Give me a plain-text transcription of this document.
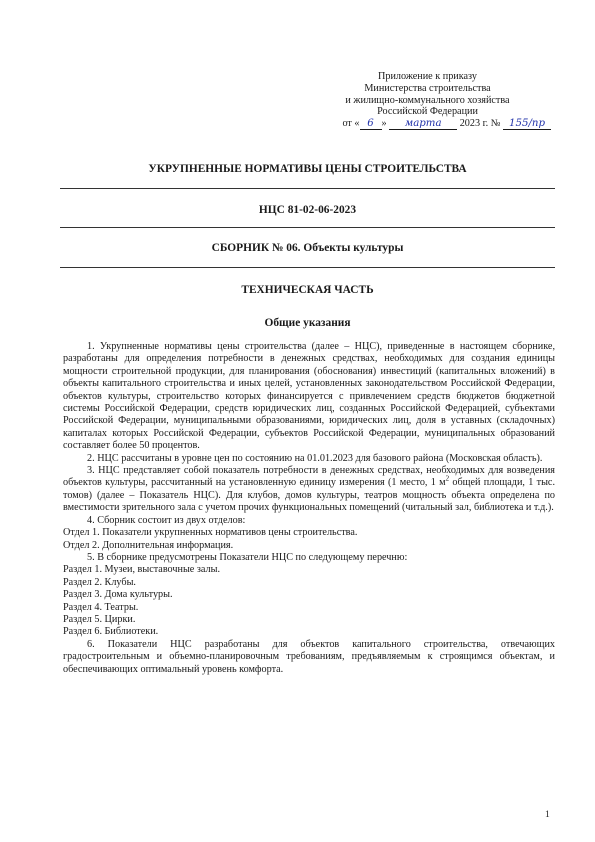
Приложение к приказу
Министерства строительства
и жилищно-коммунального хозяйства
Российской Федерации
от « 6 » марта 2023 г. № 155/пр
УКРУПНЕННЫЕ НОРМАТИВЫ ЦЕНЫ СТРОИТЕЛЬСТВА
НЦС 81-02-06-2023
СБОРНИК № 06. Объекты культуры
ТЕХНИЧЕСКАЯ ЧАСТЬ
Общие указания

1. Укрупненные нормативы цены строительства (далее – НЦС), приведенные в настоящем сборнике, разработаны для определения потребности в денежных средствах, необходимых для создания единицы мощности строительной продукции, для планирования (обоснования) инвестиций (капитальных вложений) в объекты капитального строительства и иных целей, установленных законодательством Российской Федерации, объектов культуры, строительство которых финансируется с привлечением средств бюджетов бюджетной системы Российской Федерации, средств юридических лиц, созданных Российской Федерацией, субъектами Российской Федерации, муниципальными образованиями, юридических лиц, доля в уставных (складочных) капиталах которых Российской Федерации, субъектов Российской Федерации, муниципальных образований составляет более 50 процентов.

2. НЦС рассчитаны в уровне цен по состоянию на 01.01.2023 для базового района (Московская область).

3. НЦС представляет собой показатель потребности в денежных средствах, необходимых для возведения объектов культуры, рассчитанный на установленную единицу измерения (1 место, 1 $м^2$ общей площади, 1 тыс. томов) (далее – Показатель НЦС). Для клубов, домов культуры, театров мощность объекта определена по вместимости зрительного зала с учетом прочих функциональных помещений (читальный зал, библиотека и т.д.).

4. Сборник состоит из двух отделов:

Отдел 1. Показатели укрупненных нормативов цены строительства.

Отдел 2. Дополнительная информация.

5. В сборнике предусмотрены Показатели НЦС по следующему перечню:

Раздел 1. Музеи, выставочные залы.

Раздел 2. Клубы.

Раздел 3. Дома культуры.

Раздел 4. Театры.

Раздел 5. Цирки.

Раздел 6. Библиотеки.

6. Показатели НЦС разработаны для объектов капитального строительства, отвечающих градостроительным и объемно-планировочным требованиям, предъявляемым к строящимся объектам, и обеспечивающих оптимальный уровень комфорта.

1
